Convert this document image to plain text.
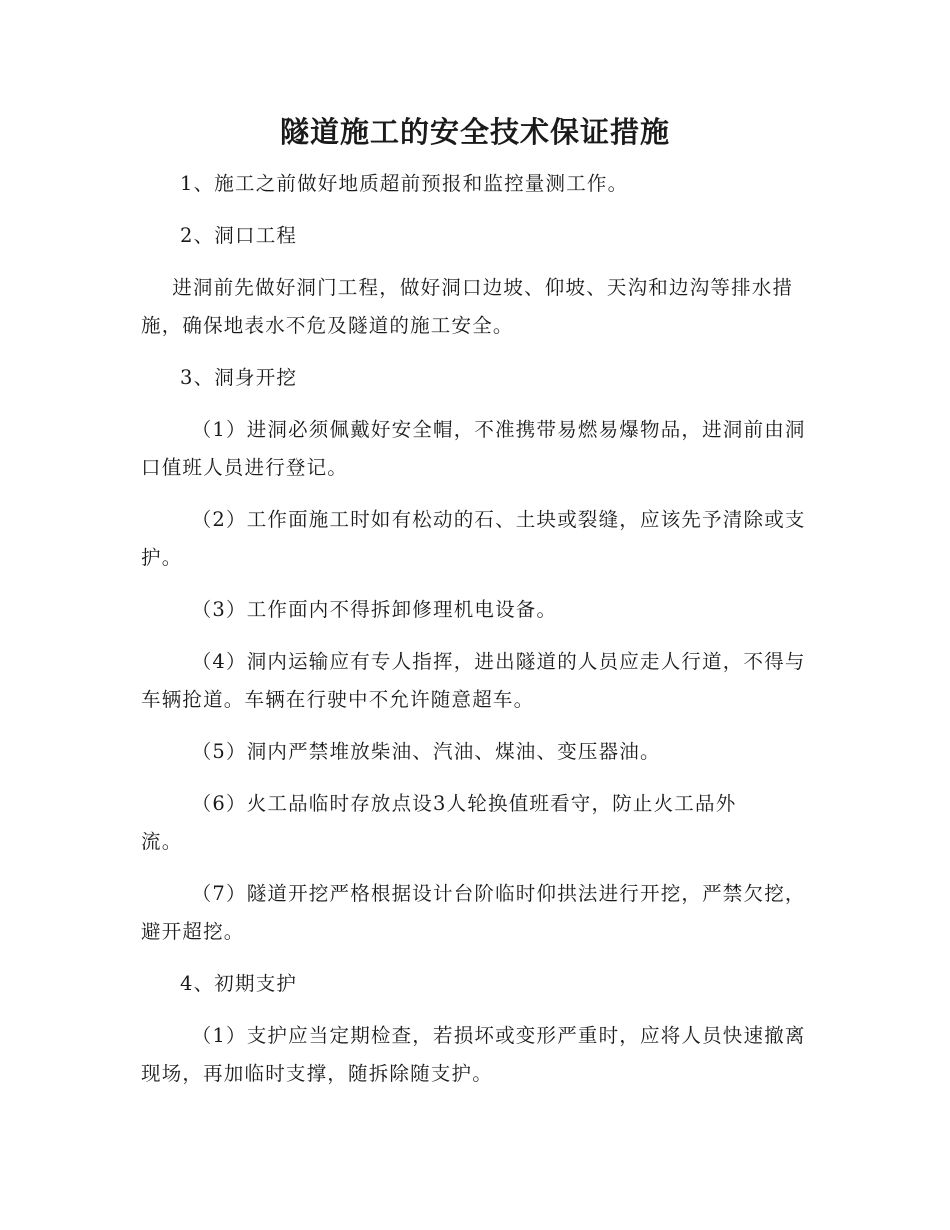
隧道施工的安全技术保证措施

1、施工之前做好地质超前预报和监控量测工作。

2、洞口工程

进洞前先做好洞门工程，做好洞口边坡、仰坡、天沟和边沟等排水措施，确保地表水不危及隧道的施工安全。

3、洞身开挖

（1）进洞必须佩戴好安全帽，不准携带易燃易爆物品，进洞前由洞口值班人员进行登记。

（2）工作面施工时如有松动的石、土块或裂缝，应该先予清除或支护。

（3）工作面内不得拆卸修理机电设备。

（4）洞内运输应有专人指挥，进出隧道的人员应走人行道，不得与车辆抢道。车辆在行驶中不允许随意超车。

（5）洞内严禁堆放柴油、汽油、煤油、变压器油。

（6）火工品临时存放点设3人轮换值班看守，防止火工品外流。

（7）隧道开挖严格根据设计台阶临时仰拱法进行开挖，严禁欠挖，避开超挖。

4、初期支护

（1）支护应当定期检查，若损坏或变形严重时，应将人员快速撤离现场，再加临时支撑，随拆除随支护。
